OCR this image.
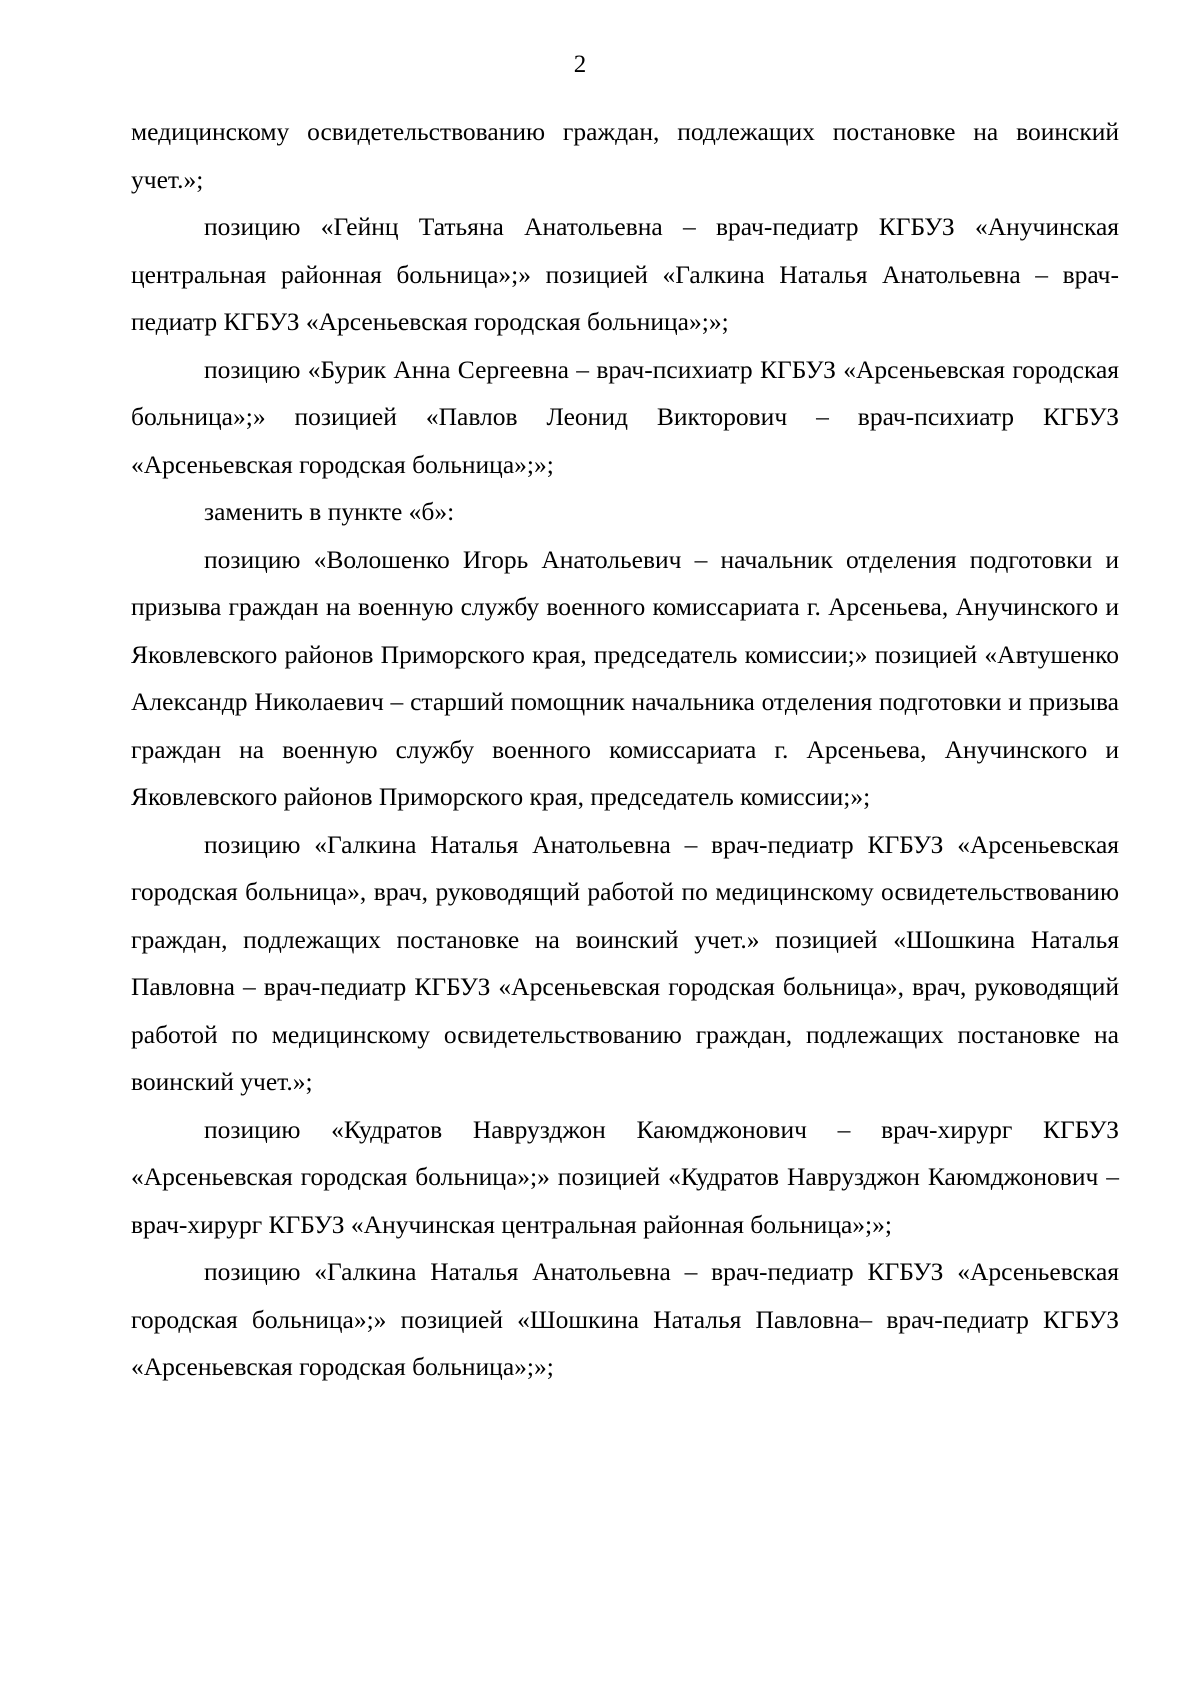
2

медицинскому освидетельствованию граждан, подлежащих постановке на воинский учет.»;

позицию «Гейнц Татьяна Анатольевна – врач-педиатр КГБУЗ «Анучинская центральная районная больница»;» позицией «Галкина Наталья Анатольевна – врач-педиатр КГБУЗ «Арсеньевская городская больница»;»;

позицию «Бурик Анна Сергеевна – врач-психиатр КГБУЗ «Арсеньевская городская больница»;» позицией «Павлов Леонид Викторович – врач-психиатр КГБУЗ «Арсеньевская городская больница»;»;

заменить в пункте «б»:

позицию «Волошенко Игорь Анатольевич – начальник отделения подготовки и призыва граждан на военную службу военного комиссариата г. Арсеньева, Анучинского и Яковлевского районов Приморского края, председатель комиссии;» позицией «Автушенко Александр Николаевич – старший помощник начальника отделения подготовки и призыва граждан на военную службу военного комиссариата г. Арсеньева, Анучинского и Яковлевского районов Приморского края, председатель комиссии;»;

позицию «Галкина Наталья Анатольевна – врач-педиатр КГБУЗ «Арсеньевская городская больница», врач, руководящий работой по медицинскому освидетельствованию граждан, подлежащих постановке на воинский учет.» позицией «Шошкина Наталья Павловна – врач-педиатр КГБУЗ «Арсеньевская городская больница», врач, руководящий работой по медицинскому освидетельствованию граждан, подлежащих постановке на воинский учет.»;

позицию «Кудратов Наврузджон Каюмджонович – врач-хирург КГБУЗ «Арсеньевская городская больница»;» позицией «Кудратов Наврузджон Каюмджонович – врач-хирург КГБУЗ «Анучинская центральная районная больница»;»;

позицию «Галкина Наталья Анатольевна – врач-педиатр КГБУЗ «Арсеньевская городская больница»;» позицией «Шошкина Наталья Павловна– врач-педиатр КГБУЗ «Арсеньевская городская больница»;»;
